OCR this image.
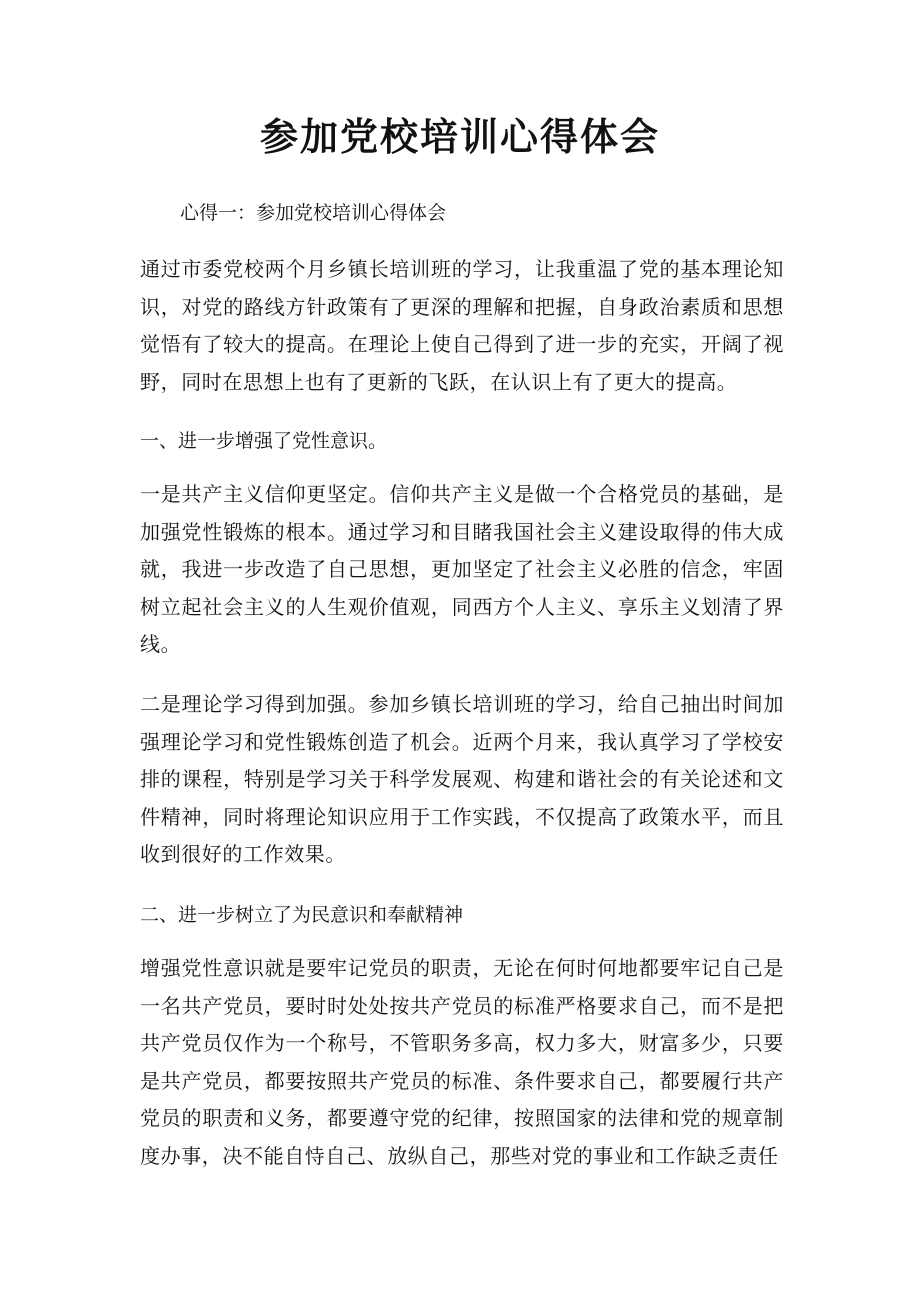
参加党校培训心得体会

心得一：参加党校培训心得体会

通过市委党校两个月乡镇长培训班的学习，让我重温了党的基本理论知识，对党的路线方针政策有了更深的理解和把握，自身政治素质和思想觉悟有了较大的提高。在理论上使自己得到了进一步的充实，开阔了视野，同时在思想上也有了更新的飞跃，在认识上有了更大的提高。

一、进一步增强了党性意识。

一是共产主义信仰更坚定。信仰共产主义是做一个合格党员的基础，是加强党性锻炼的根本。通过学习和目睹我国社会主义建设取得的伟大成就，我进一步改造了自己思想，更加坚定了社会主义必胜的信念，牢固树立起社会主义的人生观价值观，同西方个人主义、享乐主义划清了界线。

二是理论学习得到加强。参加乡镇长培训班的学习，给自己抽出时间加强理论学习和党性锻炼创造了机会。近两个月来，我认真学习了学校安排的课程，特别是学习关于科学发展观、构建和谐社会的有关论述和文件精神，同时将理论知识应用于工作实践，不仅提高了政策水平，而且收到很好的工作效果。

二、进一步树立了为民意识和奉献精神

增强党性意识就是要牢记党员的职责，无论在何时何地都要牢记自己是一名共产党员，要时时处处按共产党员的标准严格要求自己，而不是把共产党员仅作为一个称号，不管职务多高，权力多大，财富多少，只要是共产党员，都要按照共产党员的标准、条件要求自己，都要履行共产党员的职责和义务，都要遵守党的纪律，按照国家的法律和党的规章制度办事，决不能自恃自己、放纵自己，那些对党的事业和工作缺乏责任
